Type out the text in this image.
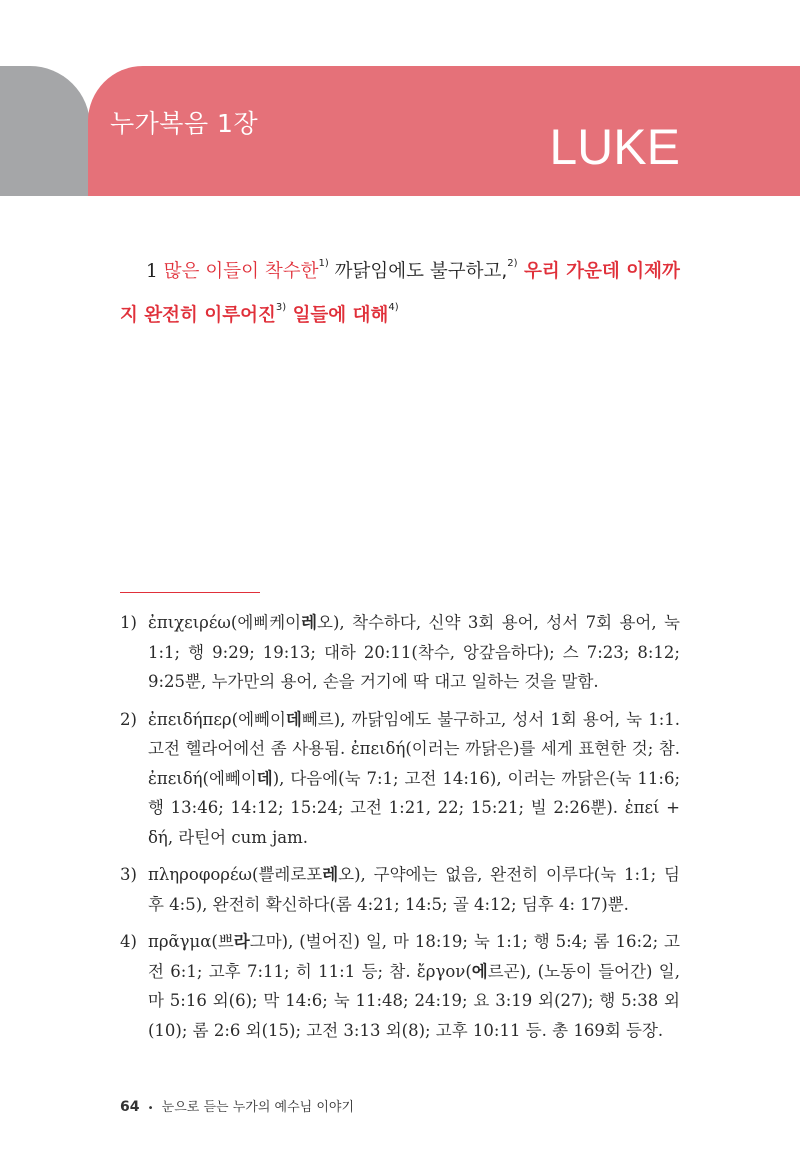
누가복음 1장	LUKE
1 많은 이들이 착수한$^{1)}$ 까닭임에도 불구하고,$^{2)}$ 우리 가운데 이제까지 완전히 이루어진$^{3)}$ 일들에 대해$^{4)}$
1) ἐπιχειρέω(에삐케이레오), 착수하다, 신약 3회 용어, 성서 7회 용어, 눅 1:1; 행 9:29; 19:13; 대하 20:11(착수, 앙갚음하다); 스 7:23; 8:12; 9:25뿐, 누가만의 용어, 손을 거기에 딱 대고 일하는 것을 말함.
2) ἐπειδήπερ(에뻬이데뻬르), 까닭임에도 불구하고, 성서 1회 용어, 눅 1:1. 고전 헬라어에선 좀 사용됨. ἐπειδή(이러는 까닭은)를 세게 표현한 것; 참. ἐπειδή(에뻬이데), 다음에(눅 7:1; 고전 14:16), 이러는 까닭은(눅 11:6; 행 13:46; 14:12; 15:24; 고전 1:21, 22; 15:21; 빌 2:26뿐). ἐπεί + δή, 라틴어 cum jam.
3) πληροφορέω(쁠레로포레오), 구약에는 없음, 완전히 이루다(눅 1:1; 딤후 4:5), 완전히 확신하다(롬 4:21; 14:5; 골 4:12; 딤후 4: 17)뿐.
4) πρᾶγμα(쁘라그마), (벌어진) 일, 마 18:19; 눅 1:1; 행 5:4; 롬 16:2; 고전 6:1; 고후 7:11; 히 11:1 등; 참. ἔργον(에르곤), (노동이 들어간) 일, 마 5:16 외(6); 막 14:6; 눅 11:48; 24:19; 요 3:19 외(27); 행 5:38 외(10); 롬 2:6 외(15); 고전 3:13 외(8); 고후 10:11 등. 총 169회 등장.
64 • 눈으로 듣는 누가의 예수님 이야기
